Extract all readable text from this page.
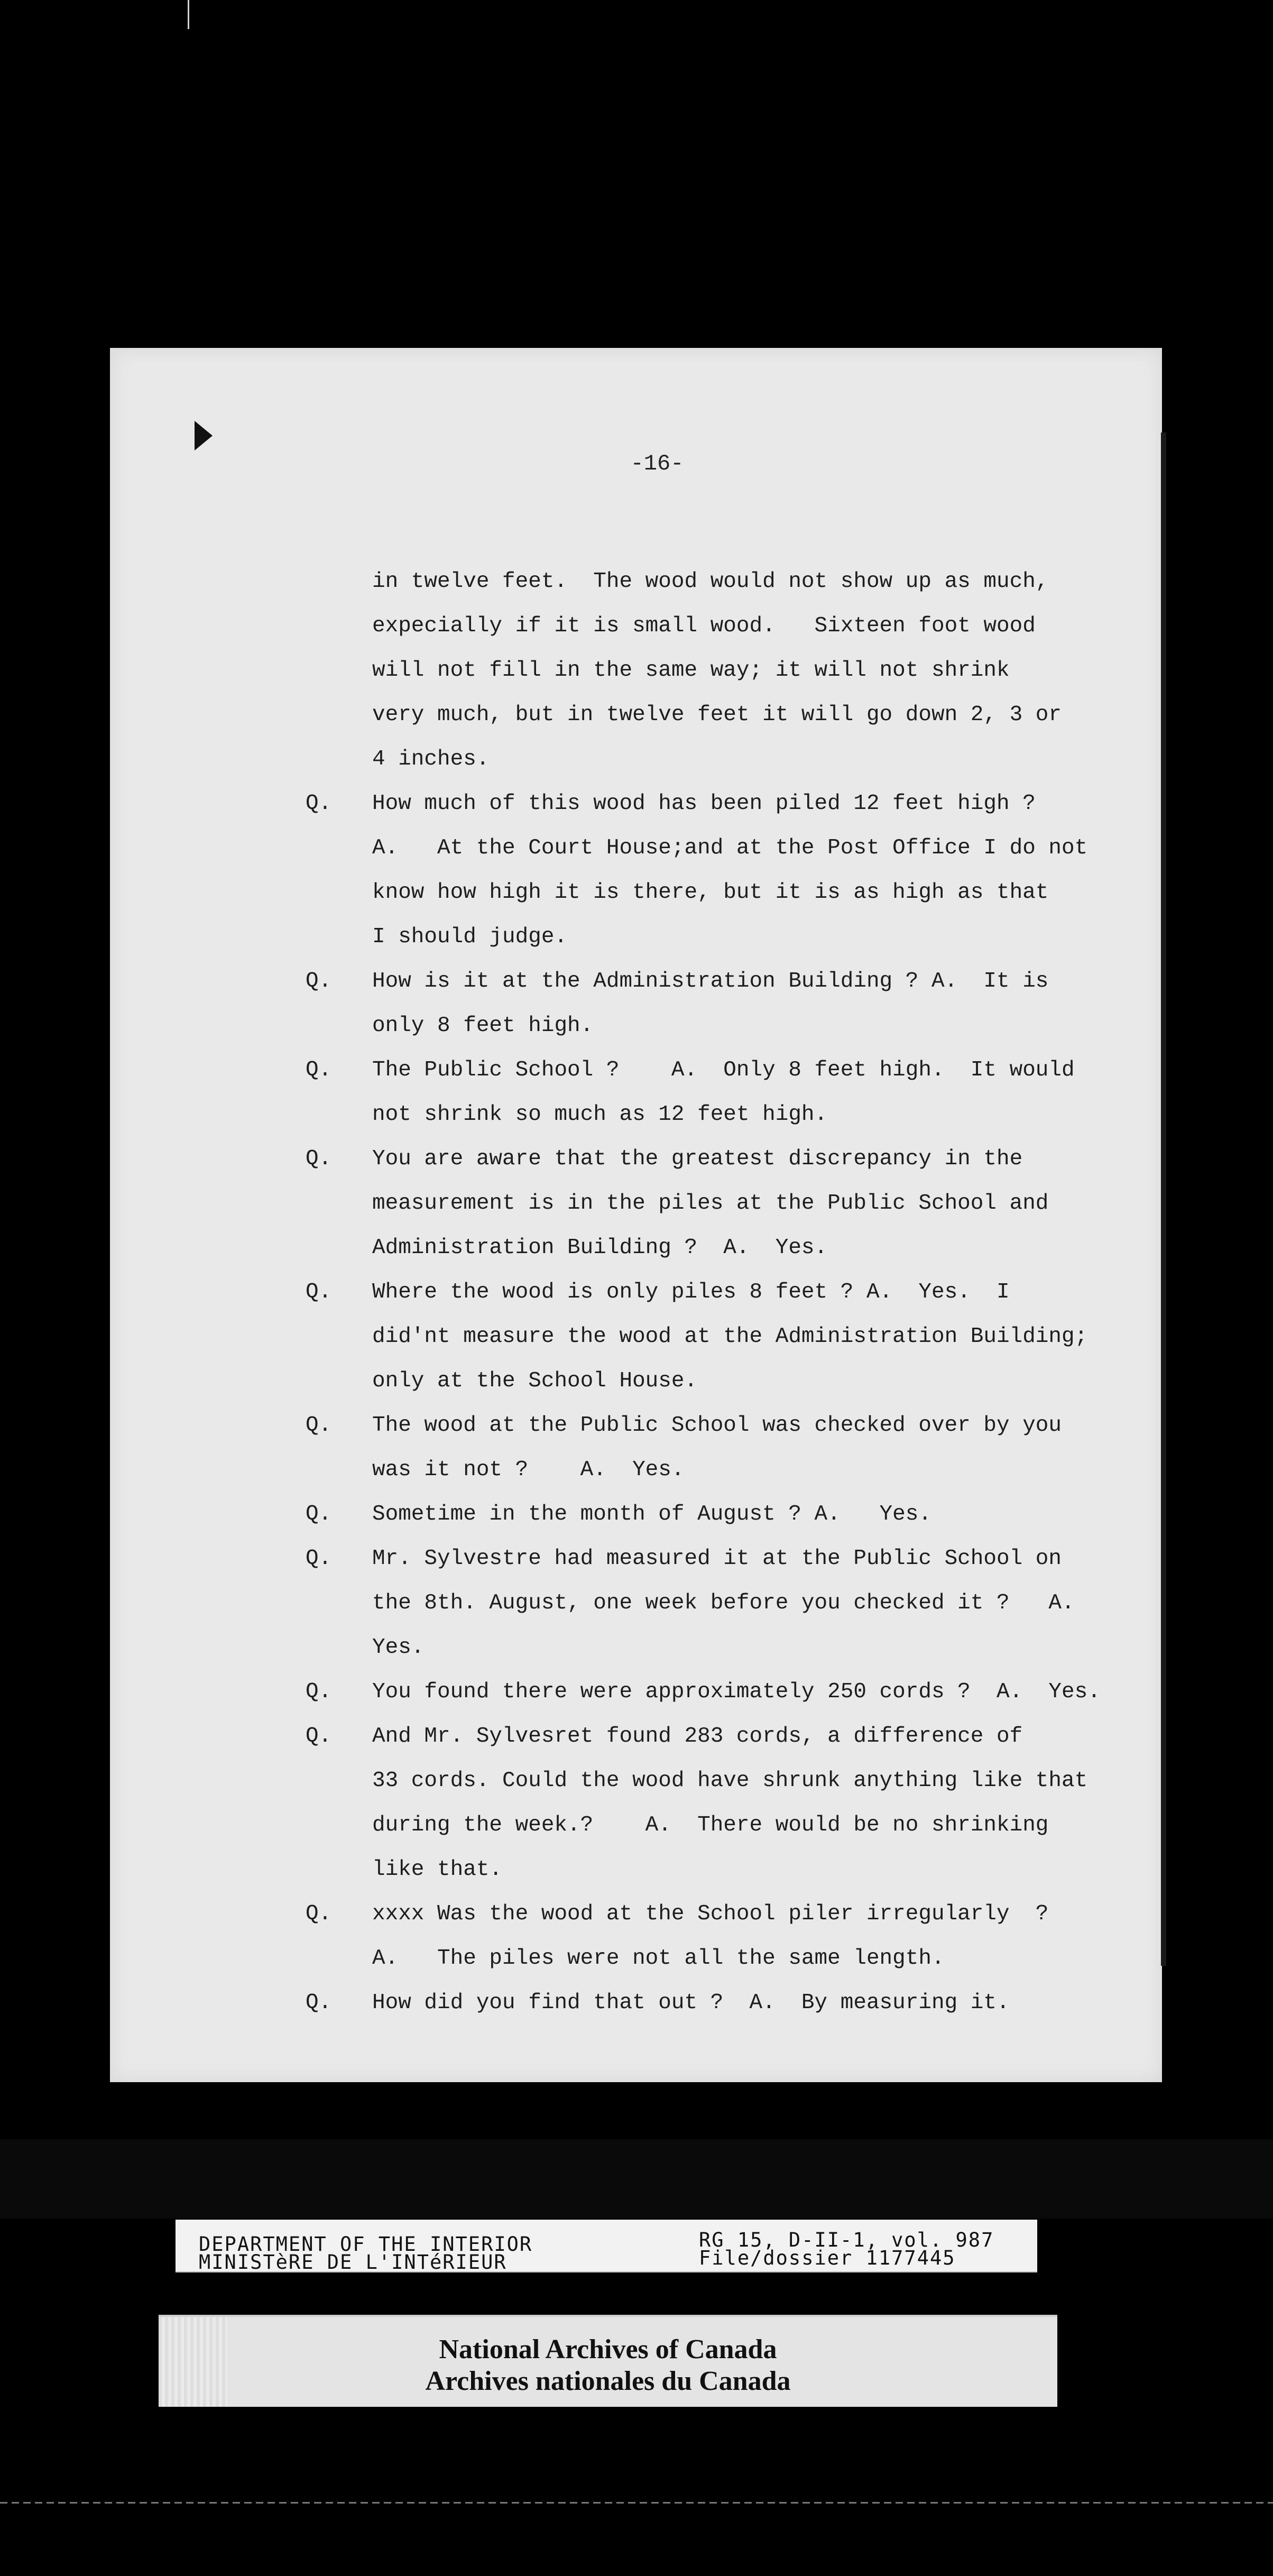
-16-
in twelve feet.  The wood would not show up as much,
expecially if it is small wood.   Sixteen foot wood
will not fill in the same way; it will not shrink
very much, but in twelve feet it will go down 2, 3 or
4 inches.
Q. How much of this wood has been piled 12 feet high ?
A.   At the Court House;and at the Post Office I do not
know how high it is there, but it is as high as that
I should judge.
Q. How is it at the Administration Building ? A.  It is
only 8 feet high.
Q. The Public School ?    A.  Only 8 feet high.  It would
not shrink so much as 12 feet high.
Q. You are aware that the greatest discrepancy in the
measurement is in the piles at the Public School and
Administration Building ?  A.  Yes.
Q. Where the wood is only piles 8 feet ? A.  Yes.  I
did'nt measure the wood at the Administration Building;
only at the School House.
Q. The wood at the Public School was checked over by you
was it not ?    A.  Yes.
Q. Sometime in the month of August ? A.   Yes.
Q. Mr. Sylvestre had measured it at the Public School on
the 8th. August, one week before you checked it ?   A.
Yes.
Q. You found there were approximately 250 cords ?  A.  Yes.
Q. And Mr. Sylvesret found 283 cords, a difference of
33 cords. Could the wood have shrunk anything like that
during the week.?    A.  There would be no shrinking
like that.
Q. xxxx Was the wood at the School piler irregularly  ?
A.   The piles were not all the same length.
Q. How did you find that out ?  A.  By measuring it.
DEPARTMENT OF THE INTERIOR
MINISTèRE DE L'INTéRIEUR
RG 15, D-II-1, vol. 987
File/dossier 1177445
National Archives of Canada
Archives nationales du Canada
